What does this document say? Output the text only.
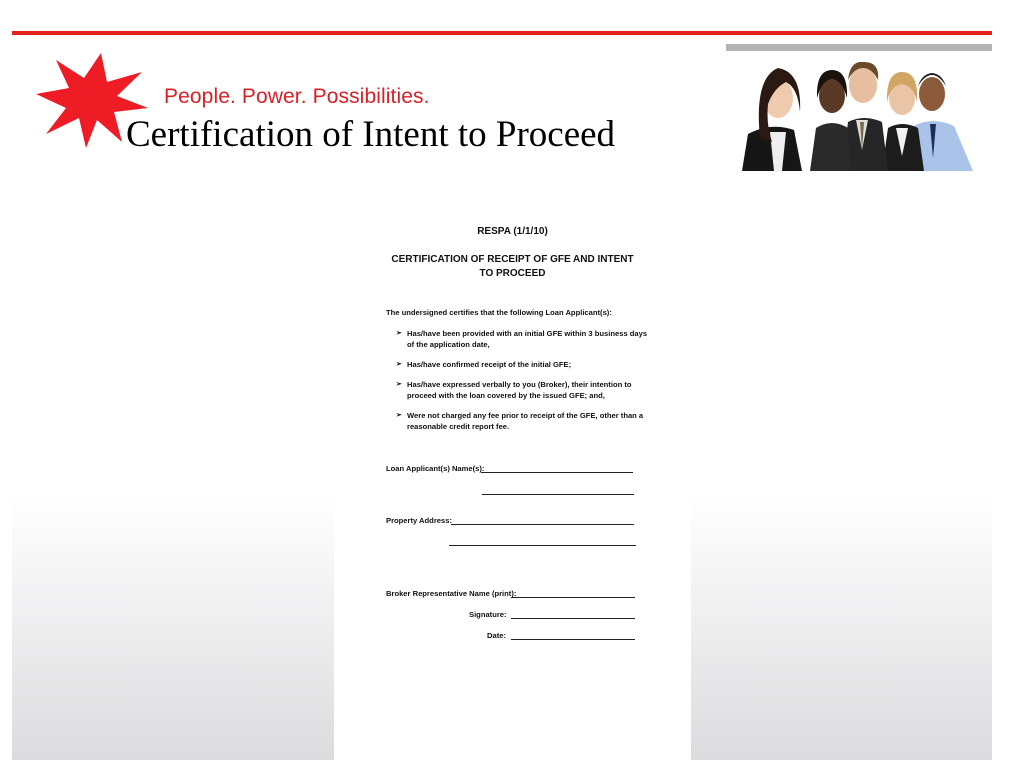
People. Power. Possibilities.
Certification of Intent to Proceed
RESPA (1/1/10)
CERTIFICATION OF RECEIPT OF GFE AND INTENT TO PROCEED
The undersigned certifies that the following Loan Applicant(s):
➢ Has/have been provided with an initial GFE within 3 business days of the application date,
➢ Has/have confirmed receipt of the initial GFE;
➢ Has/have expressed verbally to you (Broker), their intention to proceed with the loan covered by the issued GFE; and,
➢ Were not charged any fee prior to receipt of the GFE, other than a reasonable credit report fee.
Loan Applicant(s) Name(s):
Property Address:
Broker Representative Name (print):
Signature:
Date:
